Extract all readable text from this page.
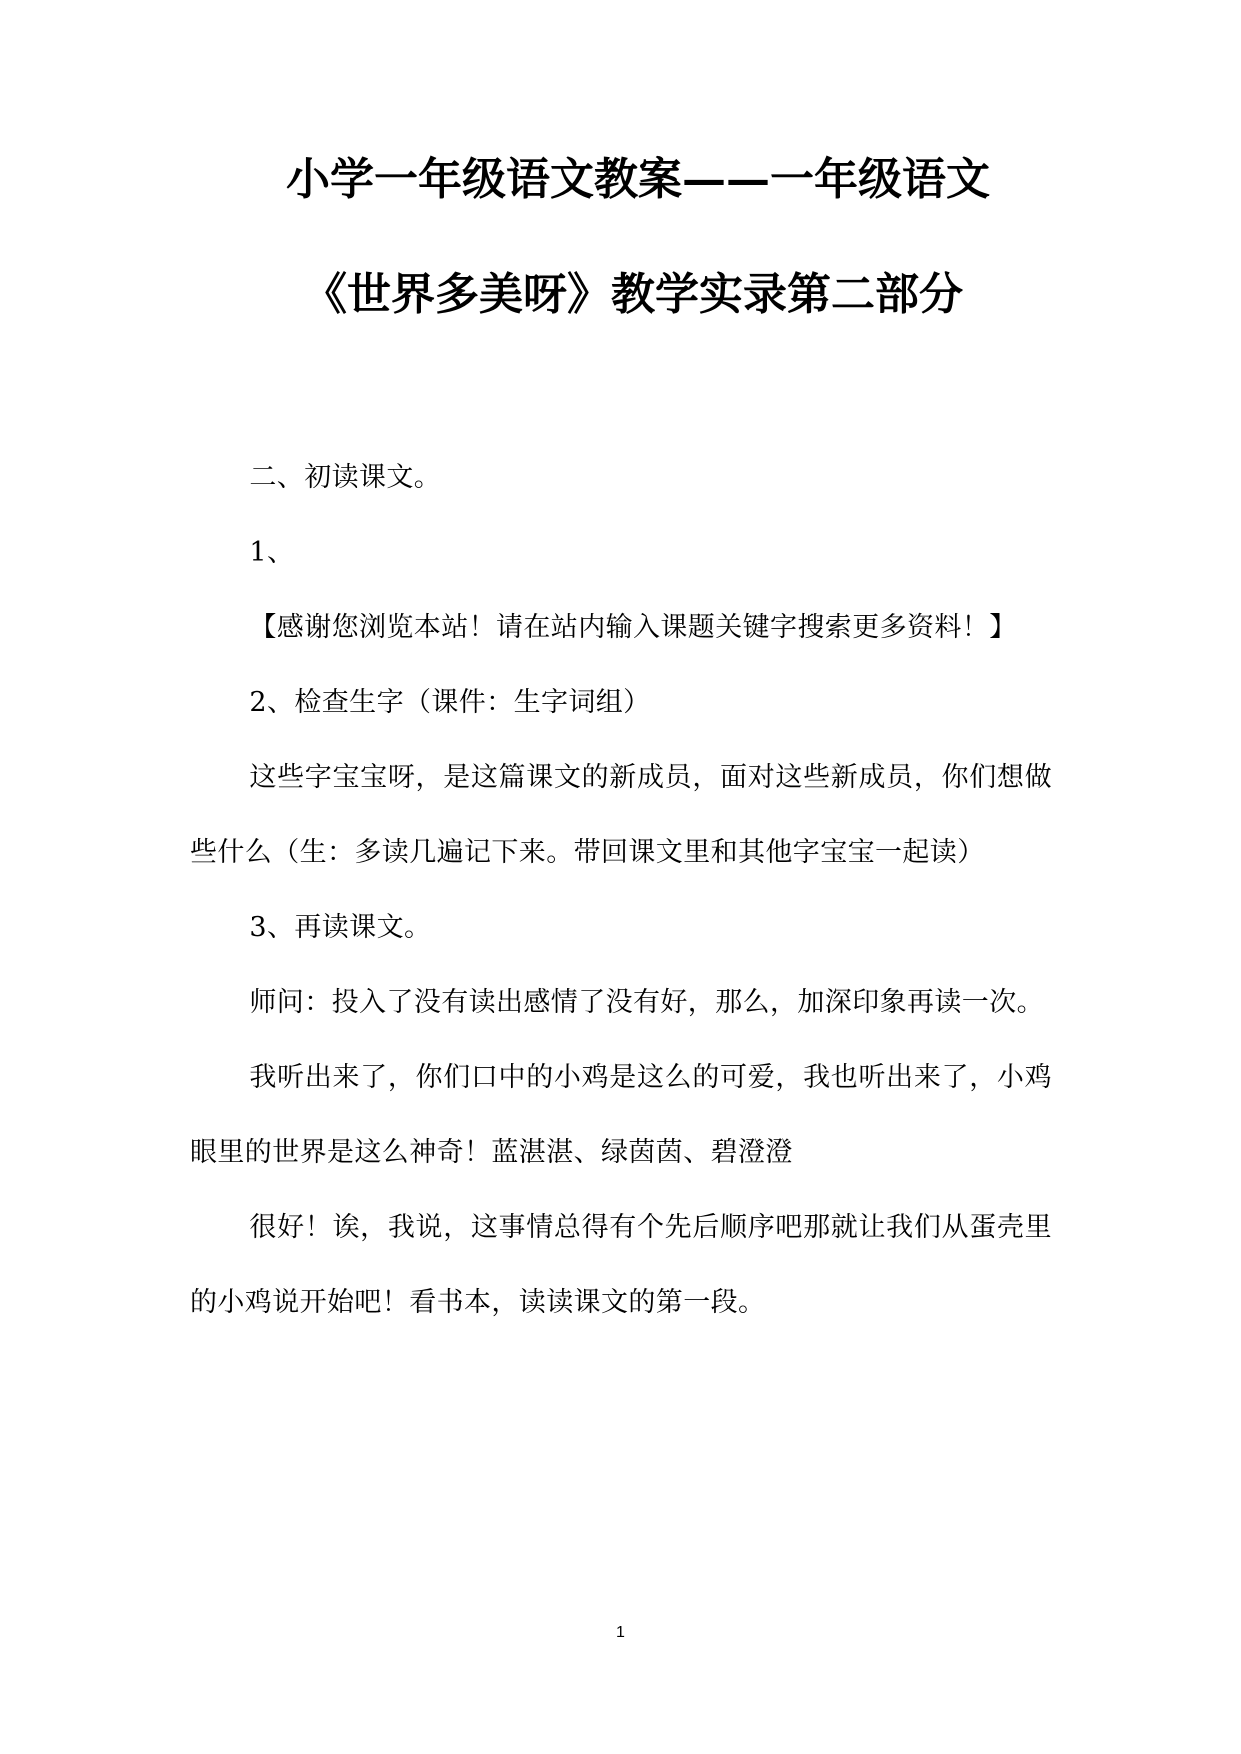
小学一年级语文教案——一年级语文
《世界多美呀》教学实录第二部分

二、初读课文。

1、

【感谢您浏览本站！请在站内输入课题关键字搜索更多资料！】

2、检查生字（课件：生字词组）

这些字宝宝呀，是这篇课文的新成员，面对这些新成员，你们想做些什么（生：多读几遍记下来。带回课文里和其他字宝宝一起读）

3、再读课文。

师问：投入了没有读出感情了没有好，那么，加深印象再读一次。

我听出来了，你们口中的小鸡是这么的可爱，我也听出来了，小鸡眼里的世界是这么神奇！蓝湛湛、绿茵茵、碧澄澄

很好！诶，我说，这事情总得有个先后顺序吧那就让我们从蛋壳里的小鸡说开始吧！看书本，读读课文的第一段。

1
